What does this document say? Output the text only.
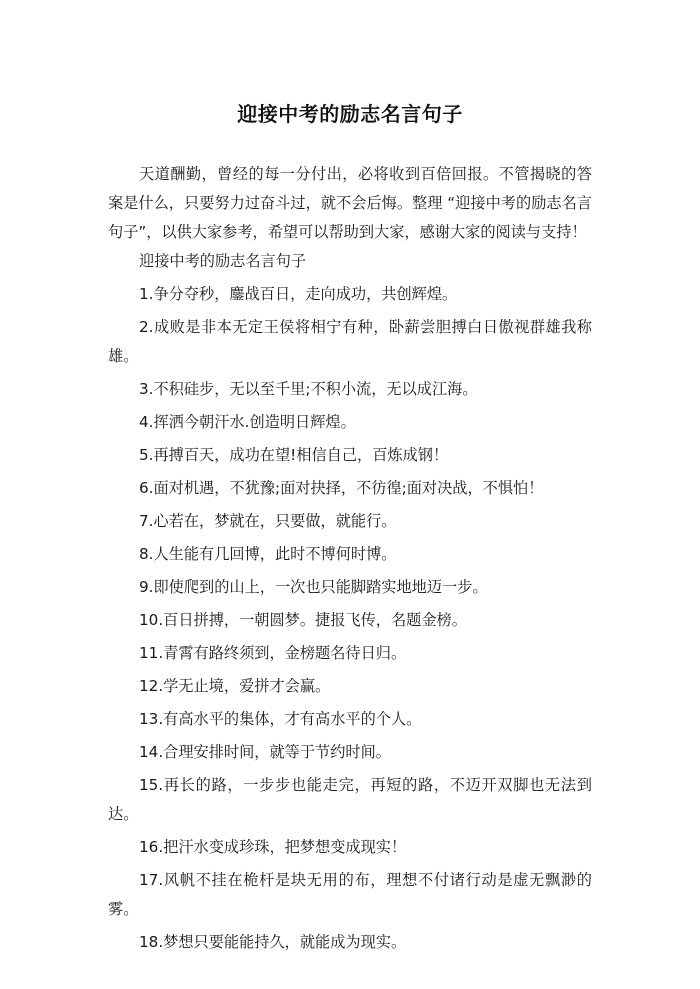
迎接中考的励志名言句子

天道酬勤，曾经的每一分付出，必将收到百倍回报。不管揭晓的答案是什么，只要努力过奋斗过，就不会后悔。整理 “迎接中考的励志名言句子”，以供大家参考，希望可以帮助到大家，感谢大家的阅读与支持！

迎接中考的励志名言句子

1.争分夺秒，鏖战百日，走向成功，共创辉煌。

2.成败是非本无定王侯将相宁有种，卧薪尝胆搏白日傲视群雄我称雄。

3.不积硅步，无以至千里;不积小流，无以成江海。

4.挥洒今朝汗水.创造明日辉煌。

5.再搏百天，成功在望!相信自己，百炼成钢！

6.面对机遇，不犹豫;面对抉择，不彷徨;面对决战，不惧怕！

7.心若在，梦就在，只要做，就能行。

8.人生能有几回博，此时不博何时博。

9.即使爬到的山上，一次也只能脚踏实地地迈一步。

10.百日拼搏，一朝圆梦。捷报飞传，名题金榜。

11.青霄有路终须到，金榜题名待日归。

12.学无止境，爱拼才会赢。

13.有高水平的集体，才有高水平的个人。

14.合理安排时间，就等于节约时间。

15.再长的路，一步步也能走完，再短的路，不迈开双脚也无法到达。

16.把汗水变成珍珠，把梦想变成现实！

17.风帆不挂在桅杆是块无用的布，理想不付诸行动是虚无飘渺的雾。

18.梦想只要能能持久，就能成为现实。
